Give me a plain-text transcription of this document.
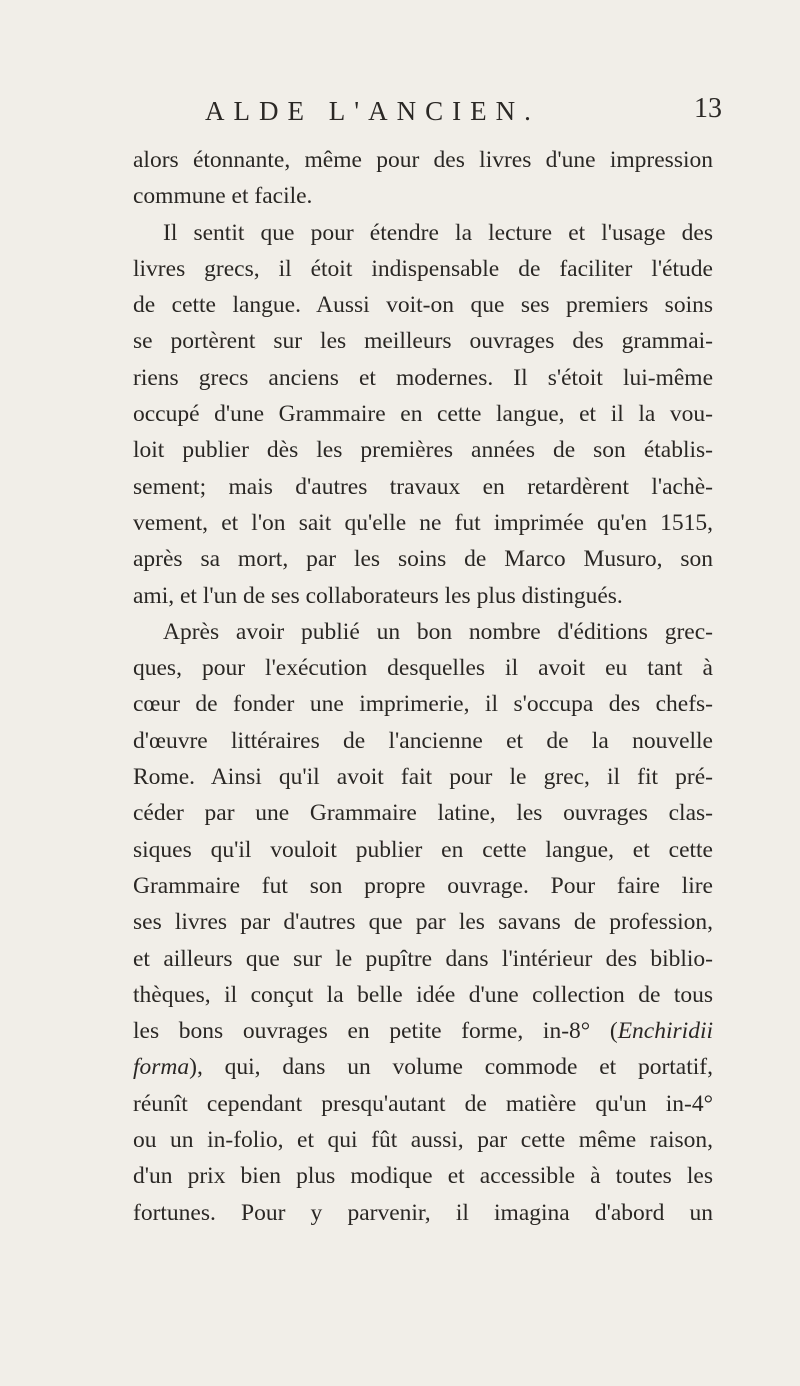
ALDE L'ANCIEN.	13
alors étonnante, même pour des livres d'une impression
commune et facile.
Il sentit que pour étendre la lecture et l'usage des
livres grecs, il étoit indispensable de faciliter l'étude
de cette langue. Aussi voit-on que ses premiers soins
se portèrent sur les meilleurs ouvrages des grammai-
riens grecs anciens et modernes. Il s'étoit lui-même
occupé d'une Grammaire en cette langue, et il la vou-
loit publier dès les premières années de son établis-
sement; mais d'autres travaux en retardèrent l'achè-
vement, et l'on sait qu'elle ne fut imprimée qu'en 1515,
après sa mort, par les soins de Marco Musuro, son
ami, et l'un de ses collaborateurs les plus distingués.
Après avoir publié un bon nombre d'éditions grec-
ques, pour l'exécution desquelles il avoit eu tant à
cœur de fonder une imprimerie, il s'occupa des chefs-
d'œuvre littéraires de l'ancienne et de la nouvelle
Rome. Ainsi qu'il avoit fait pour le grec, il fit pré-
céder par une Grammaire latine, les ouvrages clas-
siques qu'il vouloit publier en cette langue, et cette
Grammaire fut son propre ouvrage. Pour faire lire
ses livres par d'autres que par les savans de profession,
et ailleurs que sur le pupître dans l'intérieur des biblio-
thèques, il conçut la belle idée d'une collection de tous
les bons ouvrages en petite forme, in-8° (Enchiridii
forma), qui, dans un volume commode et portatif,
réunît cependant presqu'autant de matière qu'un in-4°
ou un in-folio, et qui fût aussi, par cette même raison,
d'un prix bien plus modique et accessible à toutes les
fortunes. Pour y parvenir, il imagina d'abord un
